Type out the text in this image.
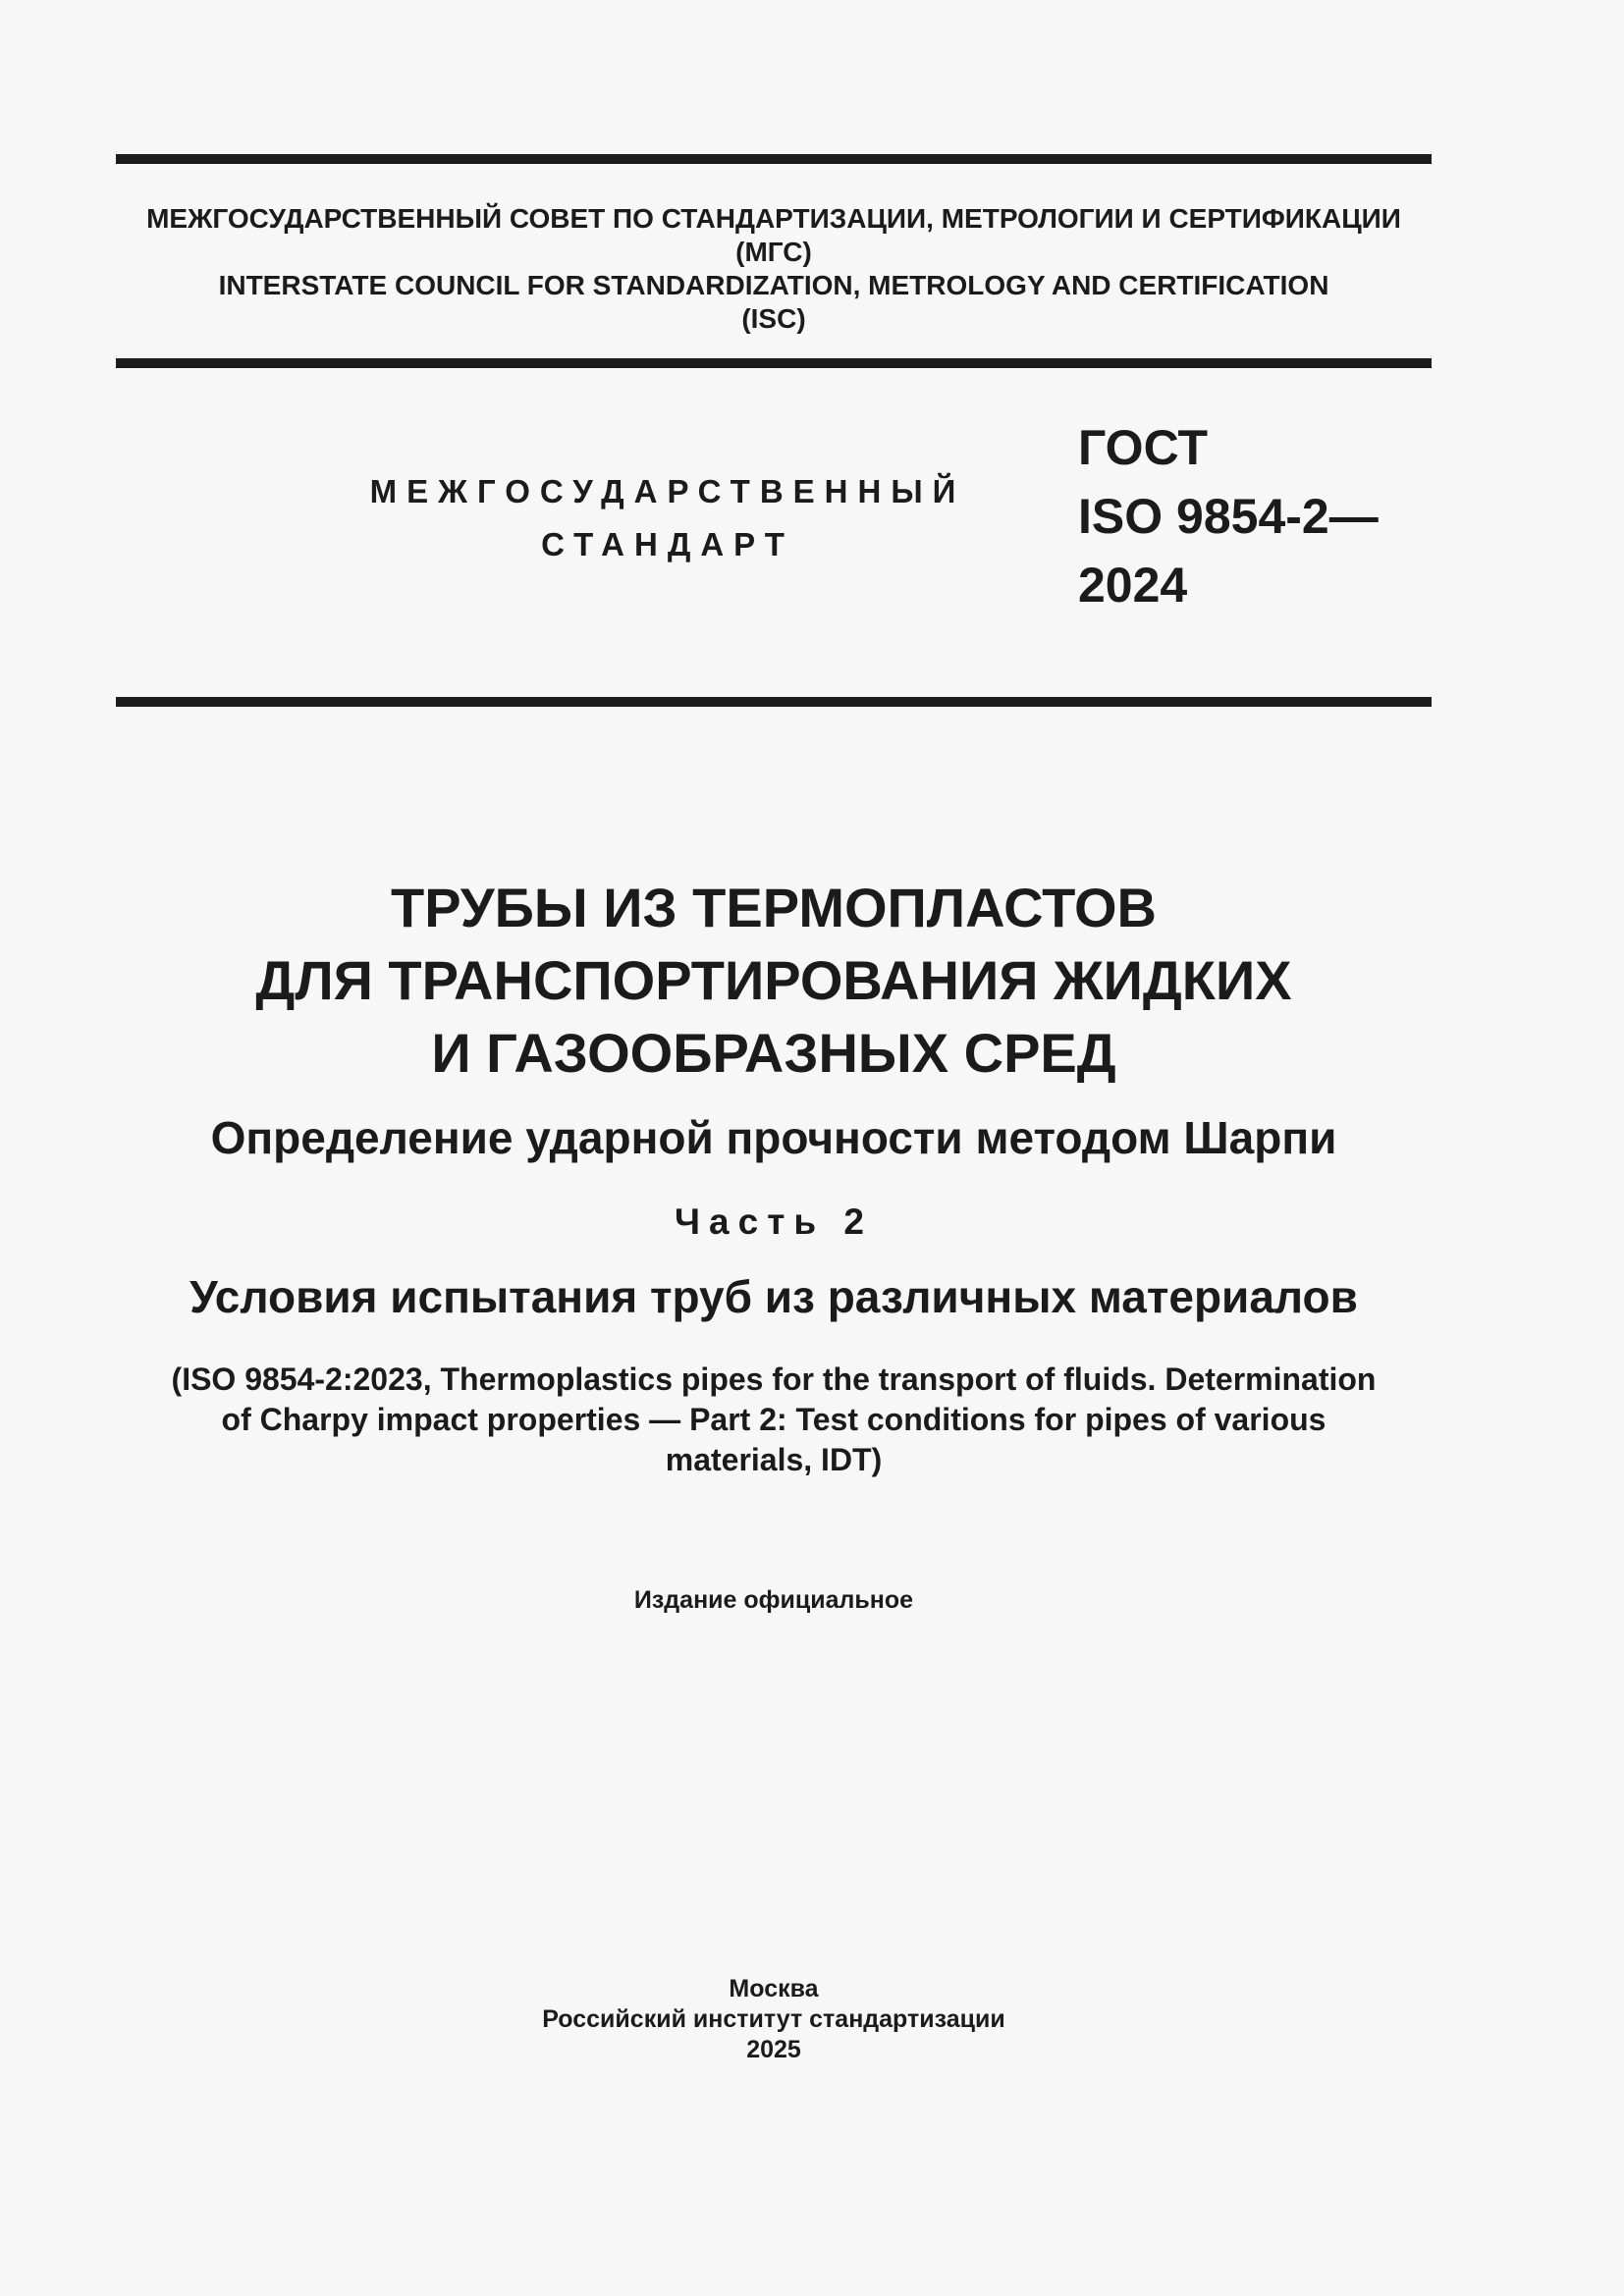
МЕЖГОСУДАРСТВЕННЫЙ СОВЕТ ПО СТАНДАРТИЗАЦИИ, МЕТРОЛОГИИ И СЕРТИФИКАЦИИ
(МГС)
INTERSTATE COUNCIL FOR STANDARDIZATION, METROLOGY AND CERTIFICATION
(ISC)
МЕЖГОСУДАРСТВЕННЫЙ
СТАНДАРТ
ГОСТ
ISO 9854-2—
2024
ТРУБЫ ИЗ ТЕРМОПЛАСТОВ
ДЛЯ ТРАНСПОРТИРОВАНИЯ ЖИДКИХ
И ГАЗООБРАЗНЫХ СРЕД
Определение ударной прочности методом Шарпи
Часть 2
Условия испытания труб из различных материалов
(ISO 9854-2:2023, Thermoplastics pipes for the transport of fluids. Determination
of Charpy impact properties — Part 2: Test conditions for pipes of various
materials, IDT)
Издание официальное
Москва
Российский институт стандартизации
2025
